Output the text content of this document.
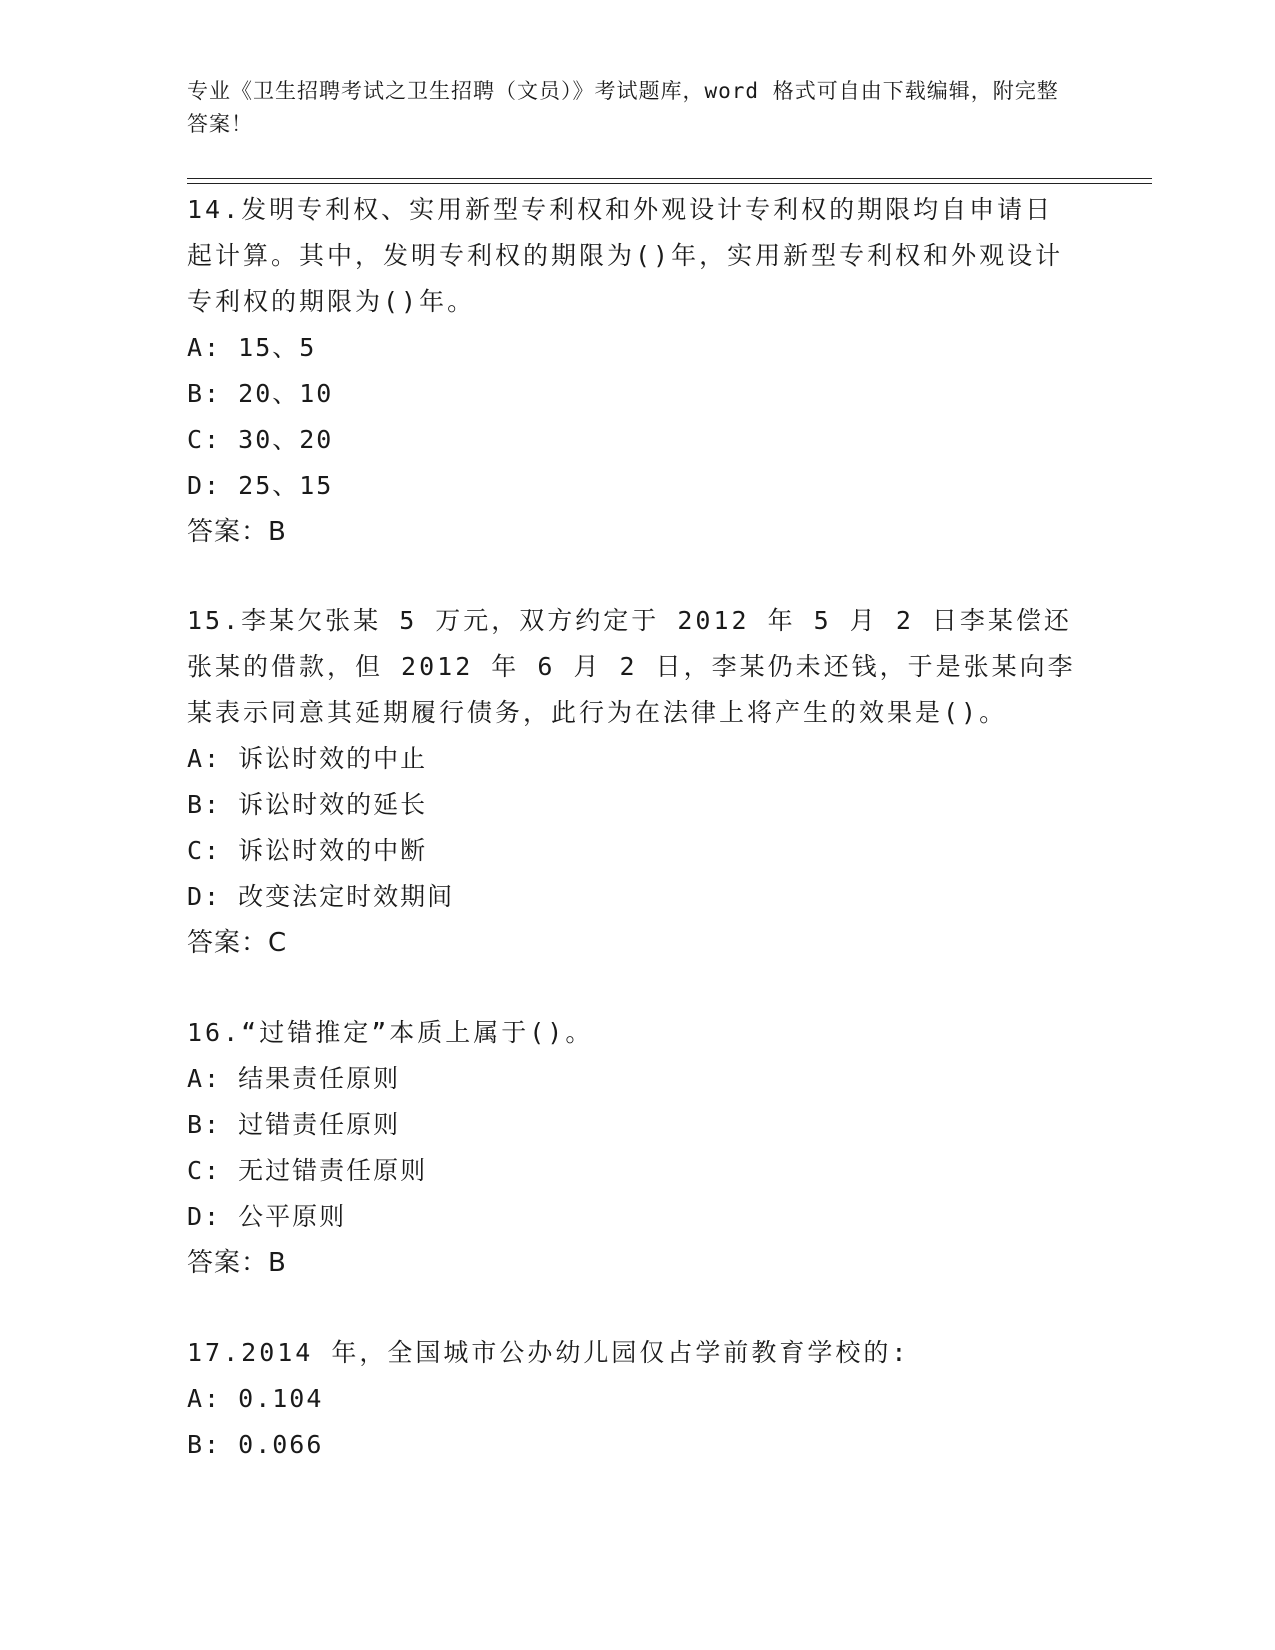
专业《卫生招聘考试之卫生招聘（文员）》考试题库，word 格式可自由下载编辑，附完整答案！

14.发明专利权、实用新型专利权和外观设计专利权的期限均自申请日起计算。其中，发明专利权的期限为()年，实用新型专利权和外观设计专利权的期限为()年。

A: 15、5
B: 20、10
C: 30、20
D: 25、15
答案：B

15.李某欠张某 5 万元，双方约定于 2012 年 5 月 2 日李某偿还张某的借款，但 2012 年 6 月 2 日，李某仍未还钱，于是张某向李某表示同意其延期履行债务，此行为在法律上将产生的效果是()。

A: 诉讼时效的中止
B: 诉讼时效的延长
C: 诉讼时效的中断
D: 改变法定时效期间
答案：C

16.“过错推定”本质上属于()。

A: 结果责任原则
B: 过错责任原则
C: 无过错责任原则
D: 公平原则
答案：B

17.2014 年，全国城市公办幼儿园仅占学前教育学校的:

A: 0.104
B: 0.066
